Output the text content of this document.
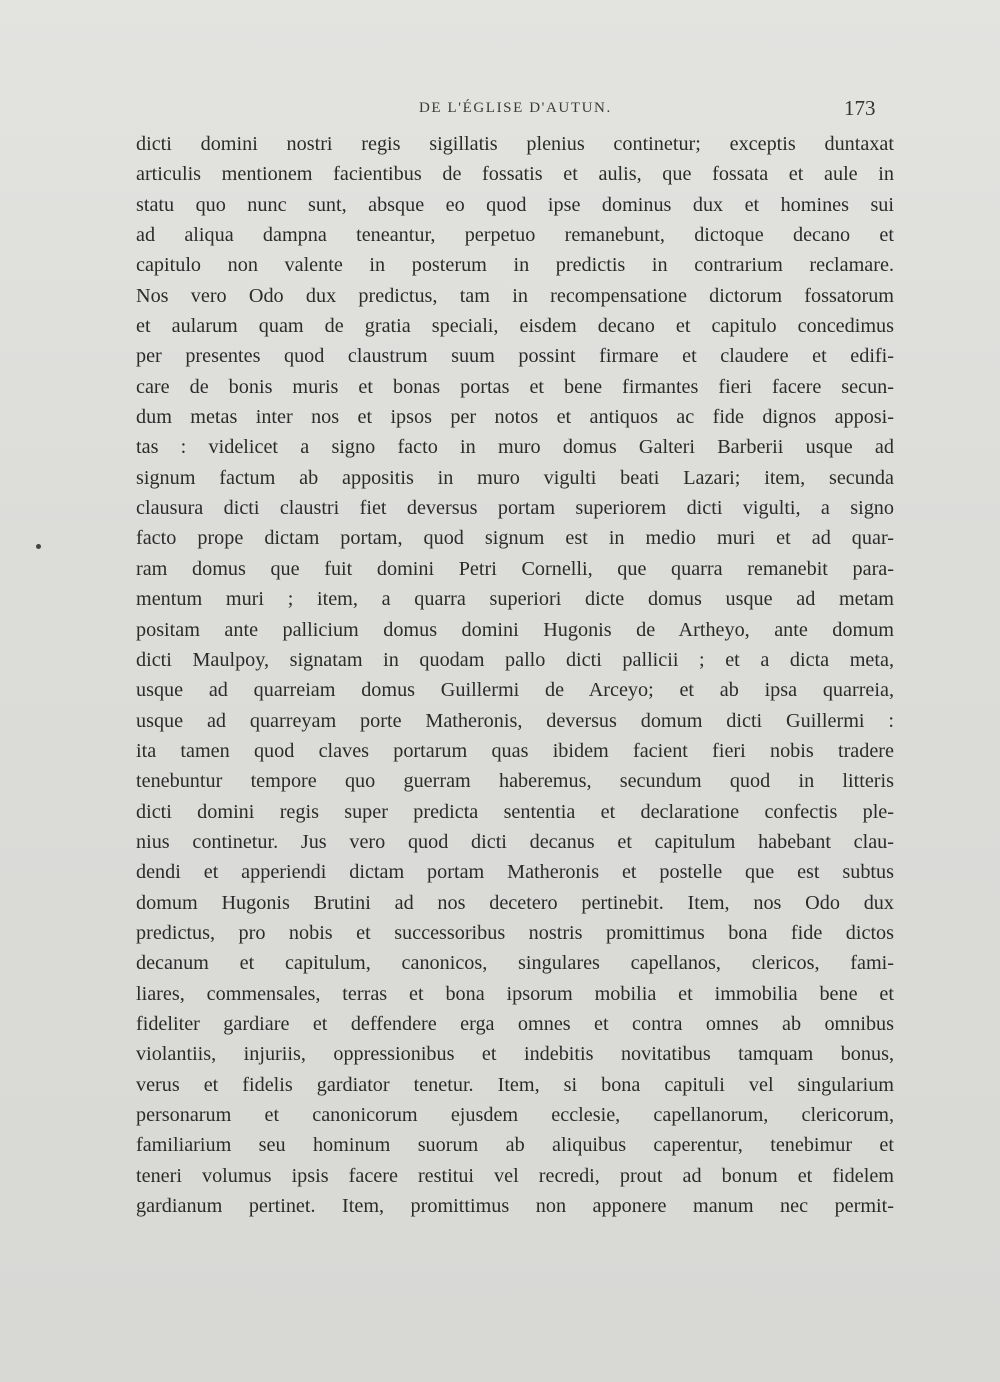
DE L'ÉGLISE D'AUTUN.	173
dicti domini nostri regis sigillatis plenius continetur; exceptis duntaxat
articulis mentionem facientibus de fossatis et aulis, que fossata et aule in
statu quo nunc sunt, absque eo quod ipse dominus dux et homines sui
ad aliqua dampna teneantur, perpetuo remanebunt, dictoque decano et
capitulo non valente in posterum in predictis in contrarium reclamare.
Nos vero Odo dux predictus, tam in recompensatione dictorum fossatorum
et aularum quam de gratia speciali, eisdem decano et capitulo concedimus
per presentes quod claustrum suum possint firmare et claudere et edifi-
care de bonis muris et bonas portas et bene firmantes fieri facere secun-
dum metas inter nos et ipsos per notos et antiquos ac fide dignos apposi-
tas : videlicet a signo facto in muro domus Galteri Barberii usque ad
signum factum ab appositis in muro vigulti beati Lazari; item, secunda
clausura dicti claustri fiet deversus portam superiorem dicti vigulti, a signo
facto prope dictam portam, quod signum est in medio muri et ad quar-
ram domus que fuit domini Petri Cornelli, que quarra remanebit para-
mentum muri ; item, a quarra superiori dicte domus usque ad metam
positam ante pallicium domus domini Hugonis de Artheyo, ante domum
dicti Maulpoy, signatam in quodam pallo dicti pallicii ; et a dicta meta,
usque ad quarreiam domus Guillermi de Arceyo; et ab ipsa quarreia,
usque ad quarreyam porte Matheronis, deversus domum dicti Guillermi :
ita tamen quod claves portarum quas ibidem facient fieri nobis tradere
tenebuntur tempore quo guerram haberemus, secundum quod in litteris
dicti domini regis super predicta sententia et declaratione confectis ple-
nius continetur. Jus vero quod dicti decanus et capitulum habebant clau-
dendi et apperiendi dictam portam Matheronis et postelle que est subtus
domum Hugonis Brutini ad nos decetero pertinebit. Item, nos Odo dux
predictus, pro nobis et successoribus nostris promittimus bona fide dictos
decanum et capitulum, canonicos, singulares capellanos, clericos, fami-
liares, commensales, terras et bona ipsorum mobilia et immobilia bene et
fideliter gardiare et deffendere erga omnes et contra omnes ab omnibus
violantiis, injuriis, oppressionibus et indebitis novitatibus tamquam bonus,
verus et fidelis gardiator tenetur. Item, si bona capituli vel singularium
personarum et canonicorum ejusdem ecclesie, capellanorum, clericorum,
familiarium seu hominum suorum ab aliquibus caperentur, tenebimur et
teneri volumus ipsis facere restitui vel recredi, prout ad bonum et fidelem
gardianum pertinet. Item, promittimus non apponere manum nec permit-
